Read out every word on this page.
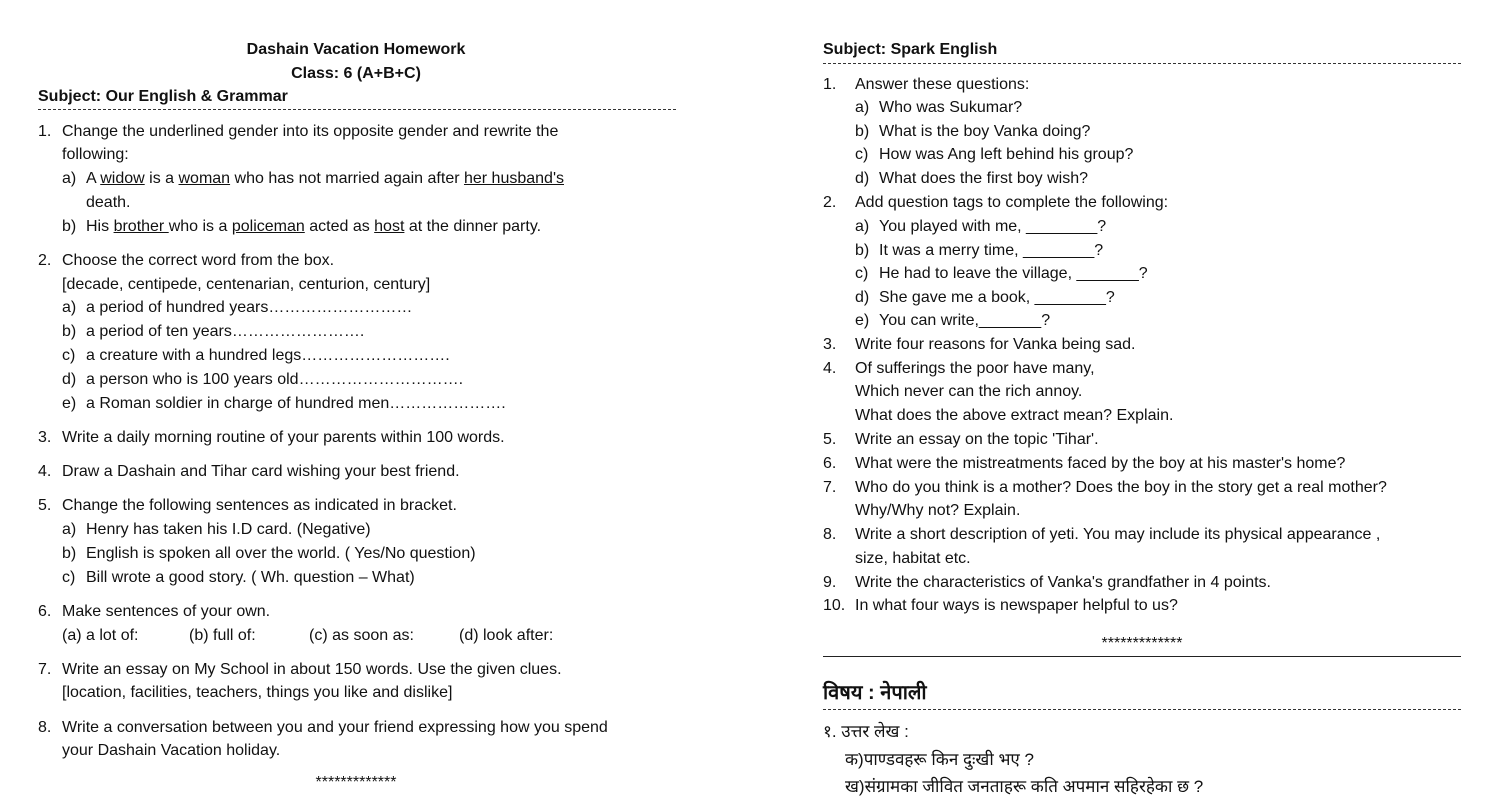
Dashain Vacation Homework
Class: 6 (A+B+C)
Subject: Our English & Grammar
1. Change the underlined gender into its opposite gender and rewrite the
following:
a) A widow is a woman who has not married again after her husband's
death.
b) His brother who is a policeman acted as host at the dinner party.
2. Choose the correct word from the box.
[decade, centipede, centenarian, centurion, century]
a) a period of hundred years………………………
b) a period of ten years…………………….
c) a creature with a hundred legs……………………….
d) a person who is 100 years old………………………….
e) a Roman soldier in charge of hundred men………………….
3. Write a daily morning routine of your parents within 100 words.
4. Draw a Dashain and Tihar card wishing your best friend.
5. Change the following sentences as indicated in bracket.
a) Henry has taken his I.D card. (Negative)
b) English is spoken all over the world. ( Yes/No question)
c) Bill wrote a good story. ( Wh. question – What)
6. Make sentences of your own.
(a) a lot of:	(b) full of:	(c) as soon as:	(d) look after:
7. Write an essay on My School in about 150 words. Use the given clues.
[location, facilities, teachers, things you like and dislike]
8. Write a conversation between you and your friend expressing how you spend
your Dashain Vacation holiday.
*************
Subject: Spark English
1. Answer these questions:
a) Who was Sukumar?
b) What is the boy Vanka doing?
c) How was Ang left behind his group?
d) What does the first boy wish?
2. Add question tags to complete the following:
a) You played with me, ________?
b) It was a merry time, ________?
c) He had to leave the village, _______?
d) She gave me a book, ________?
e) You can write,_______?
3. Write four reasons for Vanka being sad.
4. Of sufferings the poor have many,
Which never can the rich annoy.
What does the above extract mean? Explain.
5. Write an essay on the topic 'Tihar'.
6. What were the mistreatments faced by the boy at his master's home?
7. Who do you think is a mother? Does the boy in the story get a real mother?
Why/Why not? Explain.
8. Write a short description of yeti. You may include its physical appearance ,
size, habitat etc.
9. Write the characteristics of Vanka's grandfather in 4 points.
10. In what four ways is newspaper helpful to us?
*************
विषय : नेपाली
१. उत्तर लेख :
क)पाण्डवहरू किन दुःखी भए ?
ख)संग्रामका जीवित जनताहरू कति अपमान सहिरहेका छ ?
